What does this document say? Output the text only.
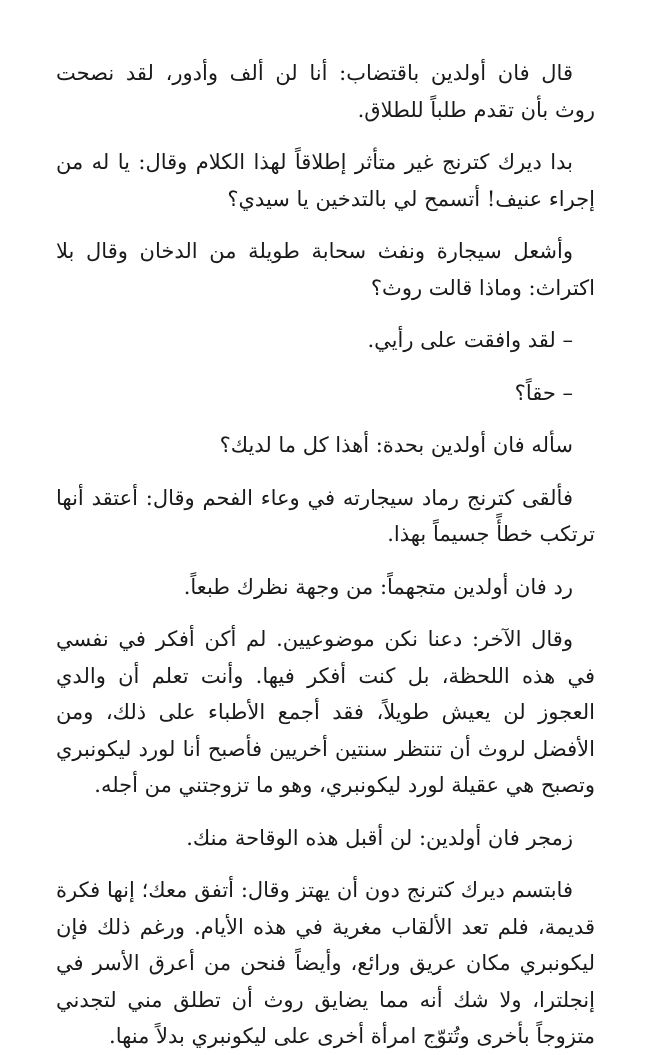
قال فان أولدين باقتضاب: أنا لن ألف وأدور، لقد نصحت روث بأن تقدم طلباً للطلاق.

بدا ديرك كترنج غير متأثر إطلاقاً لهذا الكلام وقال: يا له من إجراء عنيف! أتسمح لي بالتدخين يا سيدي؟

وأشعل سيجارة ونفث سحابة طويلة من الدخان وقال بلا اكتراث: وماذا قالت روث؟

– لقد وافقت على رأيي.

– حقاً؟

سأله فان أولدين بحدة: أهذا كل ما لديك؟

فألقى كترنج رماد سيجارته في وعاء الفحم وقال: أعتقد أنها ترتكب خطأً جسيماً بهذا.

رد فان أولدين متجهماً: من وجهة نظرك طبعاً.

وقال الآخر: دعنا نكن موضوعيين. لم أكن أفكر في نفسي في هذه اللحظة، بل كنت أفكر فيها. وأنت تعلم أن والدي العجوز لن يعيش طويلاً، فقد أجمع الأطباء على ذلك، ومن الأفضل لروث أن تنتظر سنتين أخريين فأصبح أنا لورد ليكونبري وتصبح هي عقيلة لورد ليكونبري، وهو ما تزوجتني من أجله.

زمجر فان أولدين: لن أقبل هذه الوقاحة منك.

فابتسم ديرك كترنج دون أن يهتز وقال: أتفق معك؛ إنها فكرة قديمة، فلم تعد الألقاب مغرية في هذه الأيام. ورغم ذلك فإن ليكونبري مكان عريق ورائع، وأيضاً فنحن من أعرق الأسر في إنجلترا، ولا شك أنه مما يضايق روث أن تطلق مني لتجدني متزوجاً بأخرى وتُتوّج امرأة أخرى على ليكونبري بدلاً منها.
